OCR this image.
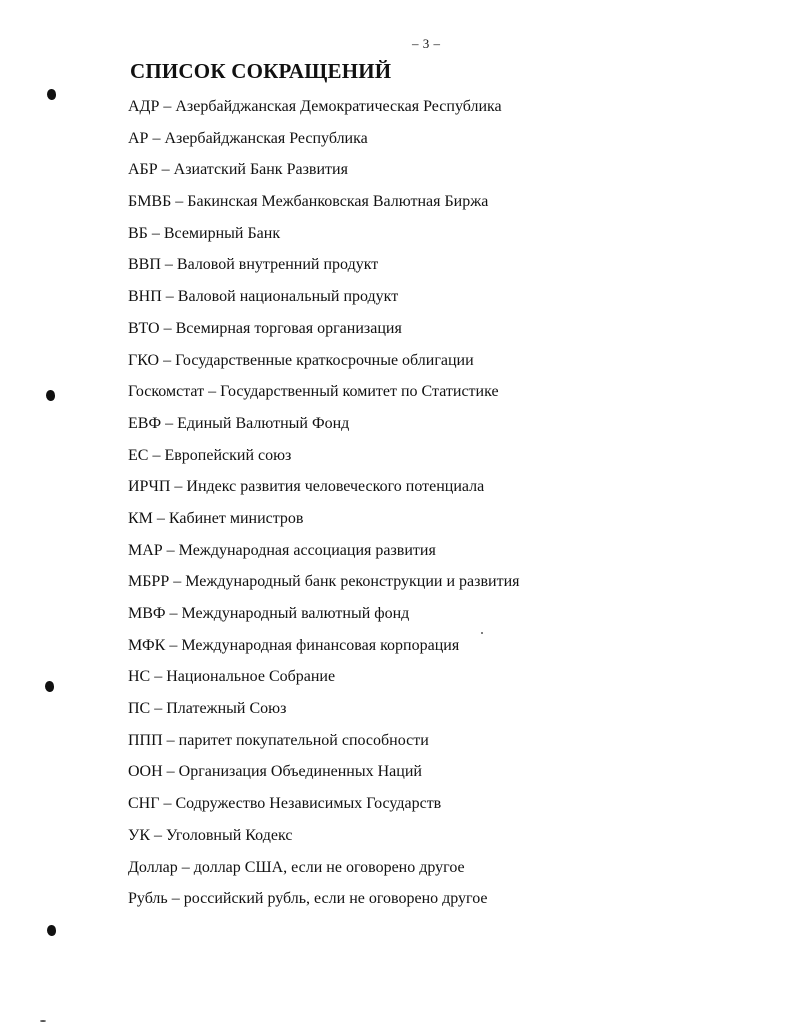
– 3 –
СПИСОК СОКРАЩЕНИЙ
АДР – Азербайджанская Демократическая Республика
АР – Азербайджанская Республика
АБР – Азиатский Банк Развития
БМВБ – Бакинская Межбанковская Валютная Биржа
ВБ – Всемирный Банк
ВВП – Валовой внутренний продукт
ВНП – Валовой национальный продукт
ВТО – Всемирная торговая организация
ГКО – Государственные краткосрочные облигации
Госкомстат – Государственный комитет по Статистике
ЕВФ – Единый Валютный Фонд
ЕС – Европейский союз
ИРЧП – Индекс развития человеческого потенциала
КМ – Кабинет министров
МАР – Международная ассоциация развития
МБРР – Международный банк реконструкции и развития
МВФ – Международный валютный фонд
МФК – Международная финансовая корпорация
НС – Национальное Собрание
ПС – Платежный Союз
ППП – паритет покупательной способности
ООН – Организация Объединенных Наций
СНГ – Содружество Независимых Государств
УК – Уголовный Кодекс
Доллар – доллар США, если не оговорено другое
Рубль – российский рубль, если не оговорено другое
